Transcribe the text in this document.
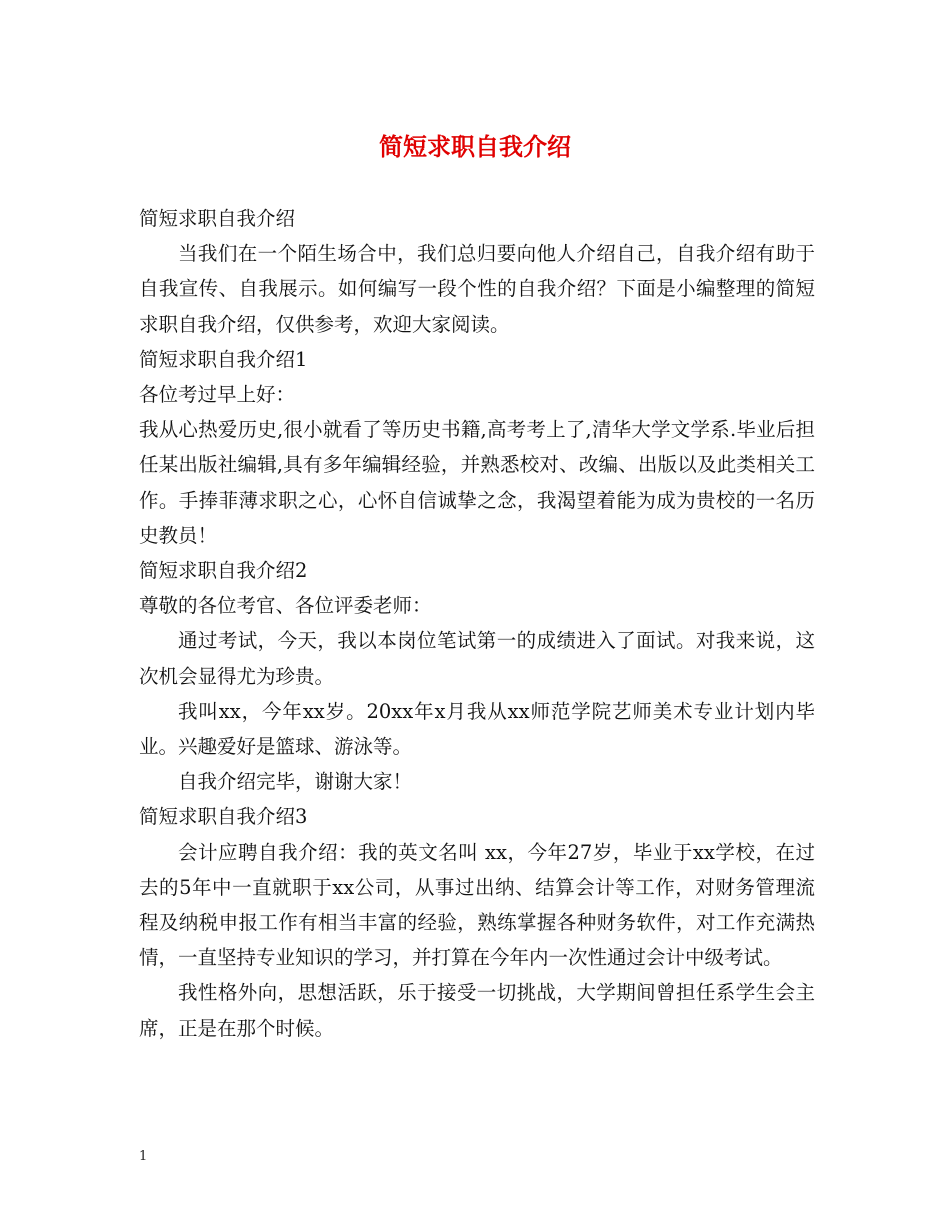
简短求职自我介绍

简短求职自我介绍

当我们在一个陌生场合中，我们总归要向他人介绍自己，自我介绍有助于自我宣传、自我展示。如何编写一段个性的自我介绍？下面是小编整理的简短求职自我介绍，仅供参考，欢迎大家阅读。

简短求职自我介绍1

各位考过早上好：

我从心热爱历史,很小就看了等历史书籍,高考考上了,清华大学文学系.毕业后担任某出版社编辑,具有多年编辑经验，并熟悉校对、改编、出版以及此类相关工作。手捧菲薄求职之心，心怀自信诚挚之念，我渴望着能为成为贵校的一名历史教员！

简短求职自我介绍2

尊敬的各位考官、各位评委老师：

通过考试，今天，我以本岗位笔试第一的成绩进入了面试。对我来说，这次机会显得尤为珍贵。

我叫xx，今年xx岁。20xx年x月我从xx师范学院艺师美术专业计划内毕业。兴趣爱好是篮球、游泳等。

自我介绍完毕，谢谢大家！

简短求职自我介绍3

会计应聘自我介绍：我的英文名叫 xx，今年27岁，毕业于xx学校，在过去的5年中一直就职于xx公司，从事过出纳、结算会计等工作，对财务管理流程及纳税申报工作有相当丰富的经验，熟练掌握各种财务软件，对工作充满热情，一直坚持专业知识的学习，并打算在今年内一次性通过会计中级考试。

我性格外向，思想活跃，乐于接受一切挑战，大学期间曾担任系学生会主席，正是在那个时候。

1
